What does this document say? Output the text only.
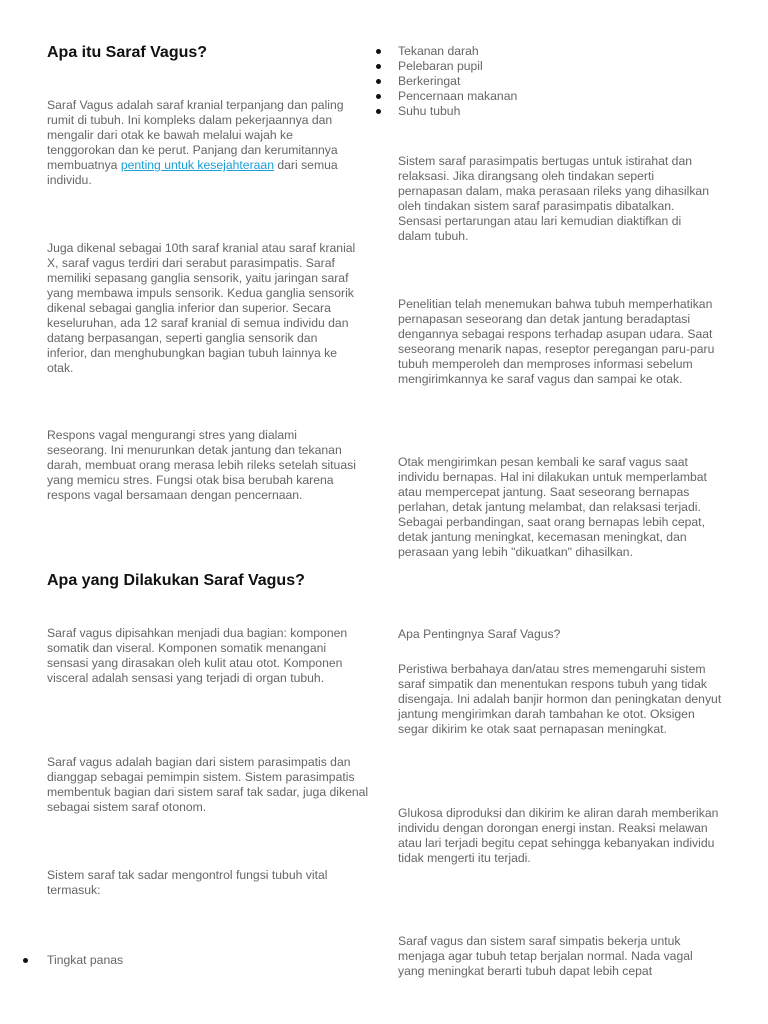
Apa itu Saraf Vagus?

Saraf Vagus adalah saraf kranial terpanjang dan paling rumit di tubuh. Ini kompleks dalam pekerjaannya dan mengalir dari otak ke bawah melalui wajah ke tenggorokan dan ke perut. Panjang dan kerumitannya membuatnya penting untuk kesejahteraan dari semua individu.

Juga dikenal sebagai 10th saraf kranial atau saraf kranial X, saraf vagus terdiri dari serabut parasimpatis. Saraf memiliki sepasang ganglia sensorik, yaitu jaringan saraf yang membawa impuls sensorik. Kedua ganglia sensorik dikenal sebagai ganglia inferior dan superior. Secara keseluruhan, ada 12 saraf kranial di semua individu dan datang berpasangan, seperti ganglia sensorik dan inferior, dan menghubungkan bagian tubuh lainnya ke otak.

Respons vagal mengurangi stres yang dialami seseorang. Ini menurunkan detak jantung dan tekanan darah, membuat orang merasa lebih rileks setelah situasi yang memicu stres. Fungsi otak bisa berubah karena respons vagal bersamaan dengan pencernaan.

Apa yang Dilakukan Saraf Vagus?

Saraf vagus dipisahkan menjadi dua bagian: komponen somatik dan viseral. Komponen somatik menangani sensasi yang dirasakan oleh kulit atau otot. Komponen visceral adalah sensasi yang terjadi di organ tubuh.

Saraf vagus adalah bagian dari sistem parasimpatis dan dianggap sebagai pemimpin sistem. Sistem parasimpatis membentuk bagian dari sistem saraf tak sadar, juga dikenal sebagai sistem saraf otonom.

Sistem saraf tak sadar mengontrol fungsi tubuh vital termasuk:

Tingkat panas
Tekanan darah
Pelebaran pupil
Berkeringat
Pencernaan makanan
Suhu tubuh

Sistem saraf parasimpatis bertugas untuk istirahat dan relaksasi. Jika dirangsang oleh tindakan seperti pernapasan dalam, maka perasaan rileks yang dihasilkan oleh tindakan sistem saraf parasimpatis dibatalkan. Sensasi pertarungan atau lari kemudian diaktifkan di dalam tubuh.

Penelitian telah menemukan bahwa tubuh memperhatikan pernapasan seseorang dan detak jantung beradaptasi dengannya sebagai respons terhadap asupan udara. Saat seseorang menarik napas, reseptor peregangan paru-paru tubuh memperoleh dan memproses informasi sebelum mengirimkannya ke saraf vagus dan sampai ke otak.

Otak mengirimkan pesan kembali ke saraf vagus saat individu bernapas. Hal ini dilakukan untuk memperlambat atau mempercepat jantung. Saat seseorang bernapas perlahan, detak jantung melambat, dan relaksasi terjadi. Sebagai perbandingan, saat orang bernapas lebih cepat, detak jantung meningkat, kecemasan meningkat, dan perasaan yang lebih "dikuatkan" dihasilkan.

Apa Pentingnya Saraf Vagus?

Peristiwa berbahaya dan/atau stres memengaruhi sistem saraf simpatik dan menentukan respons tubuh yang tidak disengaja. Ini adalah banjir hormon dan peningkatan denyut jantung mengirimkan darah tambahan ke otot. Oksigen segar dikirim ke otak saat pernapasan meningkat.

Glukosa diproduksi dan dikirim ke aliran darah memberikan individu dengan dorongan energi instan. Reaksi melawan atau lari terjadi begitu cepat sehingga kebanyakan individu tidak mengerti itu terjadi.

Saraf vagus dan sistem saraf simpatis bekerja untuk menjaga agar tubuh tetap berjalan normal. Nada vagal yang meningkat berarti tubuh dapat lebih cepat
